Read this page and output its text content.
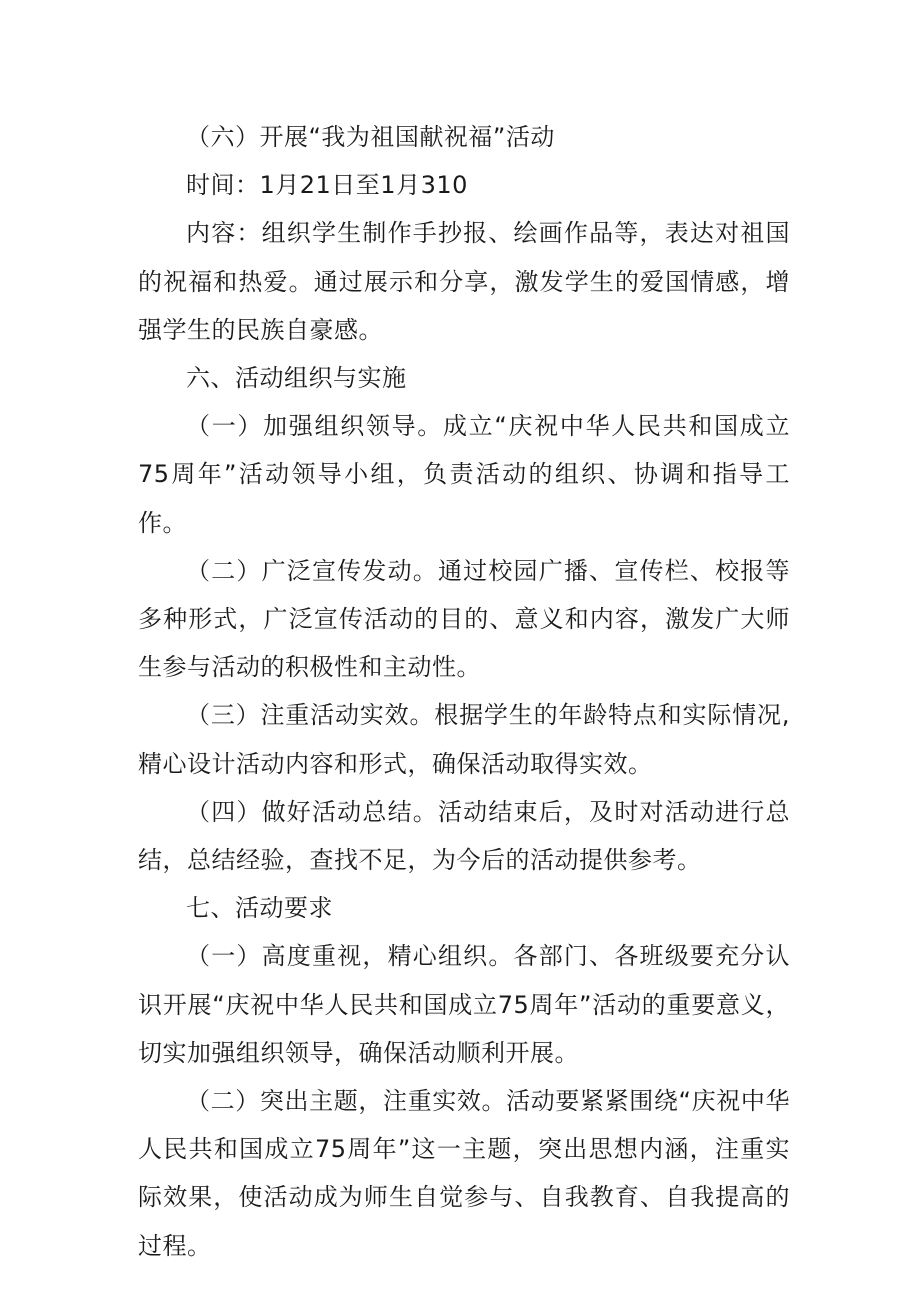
（六）开展“我为祖国献祝福”活动

时间：1月21日至1月310

内容：组织学生制作手抄报、绘画作品等，表达对祖国的祝福和热爱。通过展示和分享，激发学生的爱国情感，增强学生的民族自豪感。

六、活动组织与实施

（一）加强组织领导。成立“庆祝中华人民共和国成立75周年”活动领导小组，负责活动的组织、协调和指导工作。

（二）广泛宣传发动。通过校园广播、宣传栏、校报等多种形式，广泛宣传活动的目的、意义和内容，激发广大师生参与活动的积极性和主动性。

（三）注重活动实效。根据学生的年龄特点和实际情况,精心设计活动内容和形式，确保活动取得实效。

（四）做好活动总结。活动结束后，及时对活动进行总结，总结经验，查找不足，为今后的活动提供参考。

七、活动要求

（一）高度重视，精心组织。各部门、各班级要充分认识开展“庆祝中华人民共和国成立75周年”活动的重要意义，切实加强组织领导，确保活动顺利开展。

（二）突出主题，注重实效。活动要紧紧围绕“庆祝中华人民共和国成立75周年”这一主题，突出思想内涵，注重实际效果，使活动成为师生自觉参与、自我教育、自我提高的过程。
